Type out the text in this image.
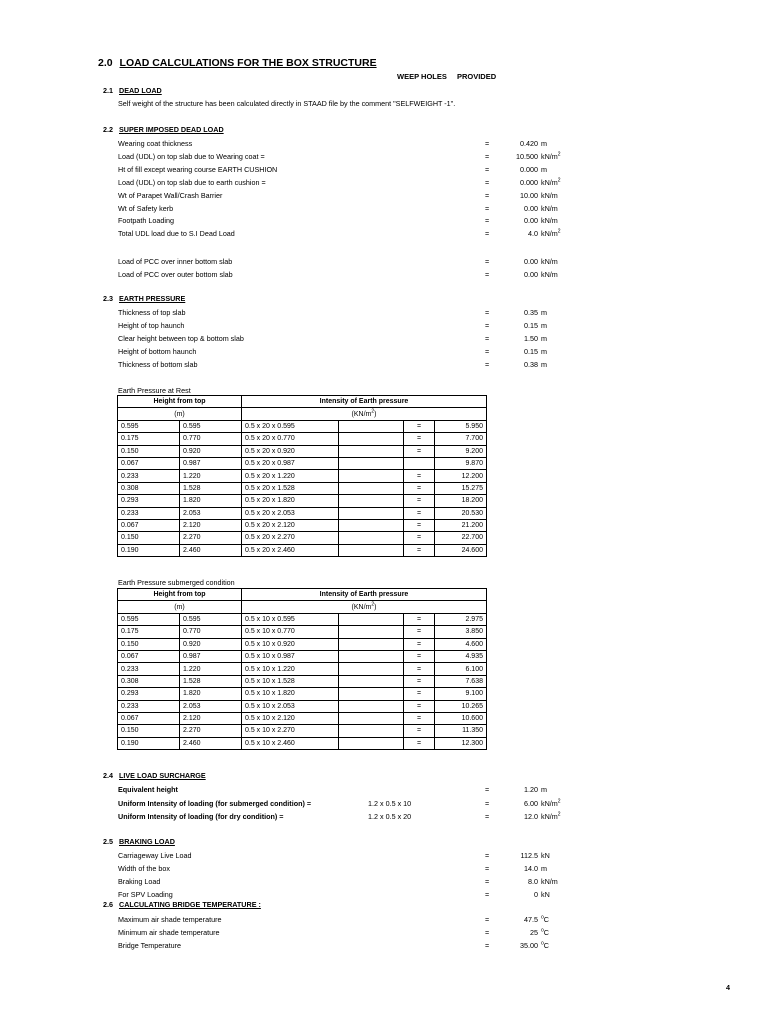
2.0 LOAD CALCULATIONS FOR THE BOX STRUCTURE
WEEP HOLES PROVIDED
2.1 DEAD LOAD
Self weight of the structure has been calculated directly in STAAD file by the comment "SELFWEIGHT -1".
2.2 SUPER IMPOSED DEAD LOAD
Wearing coat thickness	=	0.420 m
Load (UDL) on top slab due to Wearing coat =	=	10.500 $kN/m^2$
Ht of fill except wearing course EARTH CUSHION	=	0.000 m
Load (UDL) on top slab due to earth cushion =	=	0.000 $kN/m^2$
Wt of Parapet Wall/Crash Barrier	=	10.00 kN/m
Wt of Safety kerb	=	0.00 kN/m
Footpath Loading	=	0.00 kN/m
Total UDL load due to S.I Dead Load	=	4.0 $kN/m^2$
Load of PCC over inner bottom slab	=	0.00 kN/m
Load of PCC over outer bottom slab	=	0.00 kN/m
2.3 EARTH PRESSURE
Thickness of top slab	=	0.35 m
Height of top haunch	=	0.15 m
Clear height between top & bottom slab	=	1.50 m
Height of bottom haunch	=	0.15 m
Thickness of bottom slab	=	0.38 m
Earth Pressure at Rest
Height from top		Intensity of Earth pressure			
(m)		$(KN/m^2)$			
0.595	0.595	0.5 x 20 x 0.595		=	5.950
0.175	0.770	0.5 x 20 x 0.770		=	7.700
0.150	0.920	0.5 x 20 x 0.920		=	9.200
0.067	0.987	0.5 x 20 x 0.987			9.870
0.233	1.220	0.5 x 20 x 1.220		=	12.200
0.308	1.528	0.5 x 20 x 1.528		=	15.275
0.293	1.820	0.5 x 20 x 1.820		=	18.200
0.233	2.053	0.5 x 20 x 2.053		=	20.530
0.067	2.120	0.5 x 20 x 2.120		=	21.200
0.150	2.270	0.5 x 20 x 2.270		=	22.700
0.190	2.460	0.5 x 20 x 2.460		=	24.600
Earth Pressure submerged condition
Height from top		Intensity of Earth pressure			
(m)		$(KN/m^2)$			
0.595	0.595	0.5 x 10 x 0.595		=	2.975
0.175	0.770	0.5 x 10 x 0.770		=	3.850
0.150	0.920	0.5 x 10 x 0.920		=	4.600
0.067	0.987	0.5 x 10 x 0.987		=	4.935
0.233	1.220	0.5 x 10 x 1.220		=	6.100
0.308	1.528	0.5 x 10 x 1.528		=	7.638
0.293	1.820	0.5 x 10 x 1.820		=	9.100
0.233	2.053	0.5 x 10 x 2.053		=	10.265
0.067	2.120	0.5 x 10 x 2.120		=	10.600
0.150	2.270	0.5 x 10 x 2.270		=	11.350
0.190	2.460	0.5 x 10 x 2.460		=	12.300
2.4 LIVE LOAD SURCHARGE
Equivalent height	=	1.20 m
Uniform Intensity of loading (for submerged condition) =	1.2 x 0.5 x 10	=	6.00 $kN/m^2$
Uniform Intensity of loading (for dry condition) =	1.2 x 0.5 x 20	=	12.0 $kN/m^2$
2.5 BRAKING LOAD
Carriageway Live Load	=	112.5 kN
Width of the box	=	14.0 m
Braking Load	=	8.0 kN/m
For SPV Loading	=	0 kN
2.6 CALCULATING BRIDGE TEMPERATURE :
Maximum air shade temperature	=	47.5 $^o$C
Minimum air shade temperature	=	25 $^o$C
Bridge Temperature	=	35.00 $^o$C
4
